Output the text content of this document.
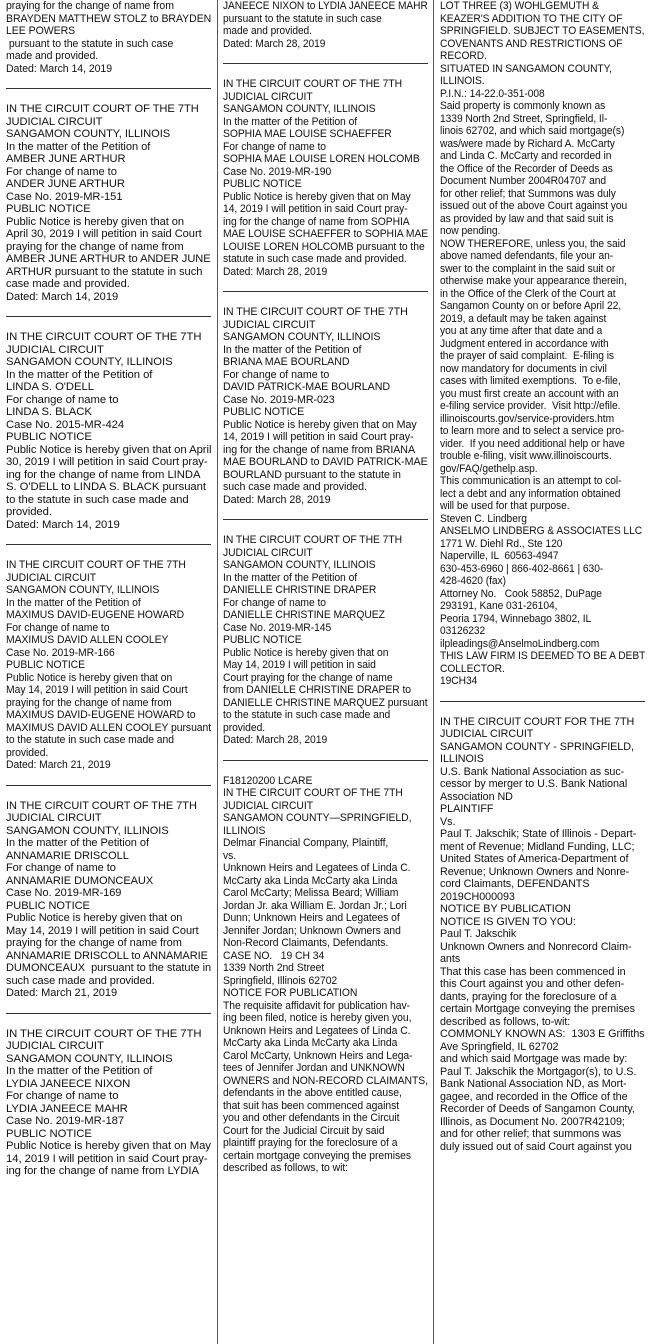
praying for the change of name from
BRAYDEN MATTHEW STOLZ to BRAYDEN
LEE POWERS
pursuant to the statute in such case
made and provided.
Dated: March 14, 2019

IN THE CIRCUIT COURT OF THE 7TH
JUDICIAL CIRCUIT
SANGAMON COUNTY, ILLINOIS
In the matter of the Petition of
AMBER JUNE ARTHUR
For change of name to
ANDER JUNE ARTHUR
Case No. 2019-MR-151
PUBLIC NOTICE
Public Notice is hereby given that on
April 30, 2019 I will petition in said Court
praying for the change of name from
AMBER JUNE ARTHUR to ANDER JUNE
ARTHUR pursuant to the statute in such
case made and provided.
Dated: March 14, 2019

IN THE CIRCUIT COURT OF THE 7TH
JUDICIAL CIRCUIT
SANGAMON COUNTY, ILLINOIS
In the matter of the Petition of
LINDA S. O'DELL
For change of name to
LINDA S. BLACK
Case No. 2015-MR-424
PUBLIC NOTICE
Public Notice is hereby given that on April
30, 2019 I will petition in said Court pray-
ing for the change of name from LINDA
S. O'DELL to LINDA S. BLACK pursuant
to the statute in such case made and
provided.
Dated: March 14, 2019

IN THE CIRCUIT COURT OF THE 7TH
JUDICIAL CIRCUIT
SANGAMON COUNTY, ILLINOIS
In the matter of the Petition of
MAXIMUS DAVID-EUGENE HOWARD
For change of name to
MAXIMUS DAVID ALLEN COOLEY
Case No. 2019-MR-166
PUBLIC NOTICE
Public Notice is hereby given that on
May 14, 2019 I will petition in said Court
praying for the change of name from
MAXIMUS DAVID-EUGENE HOWARD to
MAXIMUS DAVID ALLEN COOLEY pursuant
to the statute in such case made and
provided.
Dated: March 21, 2019

IN THE CIRCUIT COURT OF THE 7TH
JUDICIAL CIRCUIT
SANGAMON COUNTY, ILLINOIS
In the matter of the Petition of
ANNAMARIE DRISCOLL
For change of name to
ANNAMARIE DUMONCEAUX
Case No. 2019-MR-169
PUBLIC NOTICE
Public Notice is hereby given that on
May 14, 2019 I will petition in said Court
praying for the change of name from
ANNAMARIE DRISCOLL to ANNAMARIE
DUMONCEAUX  pursuant to the statute in
such case made and provided.
Dated: March 21, 2019

IN THE CIRCUIT COURT OF THE 7TH
JUDICIAL CIRCUIT
SANGAMON COUNTY, ILLINOIS
In the matter of the Petition of
LYDIA JANEECE NIXON
For change of name to
LYDIA JANEECE MAHR
Case No. 2019-MR-187
PUBLIC NOTICE
Public Notice is hereby given that on May
14, 2019 I will petition in said Court pray-
ing for the change of name from LYDIA

JANEECE NIXON to LYDIA JANEECE MAHR
pursuant to the statute in such case
made and provided.
Dated: March 28, 2019

IN THE CIRCUIT COURT OF THE 7TH
JUDICIAL CIRCUIT
SANGAMON COUNTY, ILLINOIS
In the matter of the Petition of
SOPHIA MAE LOUISE SCHAEFFER
For change of name to
SOPHIA MAE LOUISE LOREN HOLCOMB
Case No. 2019-MR-190
PUBLIC NOTICE
Public Notice is hereby given that on May
14, 2019 I will petition in said Court pray-
ing for the change of name from SOPHIA
MAE LOUISE SCHAEFFER to SOPHIA MAE
LOUISE LOREN HOLCOMB pursuant to the
statute in such case made and provided.
Dated: March 28, 2019

IN THE CIRCUIT COURT OF THE 7TH
JUDICIAL CIRCUIT
SANGAMON COUNTY, ILLINOIS
In the matter of the Petition of
BRIANA MAE BOURLAND
For change of name to
DAVID PATRICK-MAE BOURLAND
Case No. 2019-MR-023
PUBLIC NOTICE
Public Notice is hereby given that on May
14, 2019 I will petition in said Court pray-
ing for the change of name from BRIANA
MAE BOURLAND to DAVID PATRICK-MAE
BOURLAND pursuant to the statute in
such case made and provided.
Dated: March 28, 2019

IN THE CIRCUIT COURT OF THE 7TH
JUDICIAL CIRCUIT
SANGAMON COUNTY, ILLINOIS
In the matter of the Petition of
DANIELLE CHRISTINE DRAPER
For change of name to
DANIELLE CHRISTINE MARQUEZ
Case No. 2019-MR-145
PUBLIC NOTICE
Public Notice is hereby given that on
May 14, 2019 I will petition in said
Court praying for the change of name
from DANIELLE CHRISTINE DRAPER to
DANIELLE CHRISTINE MARQUEZ pursuant
to the statute in such case made and
provided.
Dated: March 28, 2019

F18120200 LCARE
IN THE CIRCUIT COURT OF THE 7TH
JUDICIAL CIRCUIT
SANGAMON COUNTY—SPRINGFIELD,
ILLINOIS
Delmar Financial Company, Plaintiff,
vs.
Unknown Heirs and Legatees of Linda C.
McCarty aka Linda McCarty aka Linda
Carol McCarty; Melissa Beard; William
Jordan Jr. aka William E. Jordan Jr.; Lori
Dunn; Unknown Heirs and Legatees of
Jennifer Jordan; Unknown Owners and
Non-Record Claimants, Defendants.
CASE NO.   19 CH 34
1339 North 2nd Street
Springfield, Illinois 62702
NOTICE FOR PUBLICATION
The requisite affidavit for publication hav-
ing been filed, notice is hereby given you,
Unknown Heirs and Legatees of Linda C.
McCarty aka Linda McCarty aka Linda
Carol McCarty, Unknown Heirs and Lega-
tees of Jennifer Jordan and UNKNOWN
OWNERS and NON-RECORD CLAIMANTS,
defendants in the above entitled cause,
that suit has been commenced against
you and other defendants in the Circuit
Court for the Judicial Circuit by said
plaintiff praying for the foreclosure of a
certain mortgage conveying the premises
described as follows, to wit:

LOT THREE (3) WOHLGEMUTH &
KEAZER'S ADDITION TO THE CITY OF
SPRINGFIELD. SUBJECT TO EASEMENTS,
COVENANTS AND RESTRICTIONS OF
RECORD.
SITUATED IN SANGAMON COUNTY,
ILLINOIS.
P.I.N.: 14-22.0-351-008
Said property is commonly known as
1339 North 2nd Street, Springfield, Il-
linois 62702, and which said mortgage(s)
was/were made by Richard A. McCarty
and Linda C. McCarty and recorded in
the Office of the Recorder of Deeds as
Document Number 2004R04707 and
for other relief; that Summons was duly
issued out of the above Court against you
as provided by law and that said suit is
now pending.
NOW THEREFORE, unless you, the said
above named defendants, file your an-
swer to the complaint in the said suit or
otherwise make your appearance therein,
in the Office of the Clerk of the Court at
Sangamon County on or before April 22,
2019, a default may be taken against
you at any time after that date and a
Judgment entered in accordance with
the prayer of said complaint.  E-filing is
now mandatory for documents in civil
cases with limited exemptions.  To e-file,
you must first create an account with an
e-filing service provider.  Visit http://efile.
illinoiscourts.gov/service-providers.htm
to learn more and to select a service pro-
vider.  If you need additional help or have
trouble e-filing, visit www.illinoiscourts.
gov/FAQ/gethelp.asp.
This communication is an attempt to col-
lect a debt and any information obtained
will be used for that purpose.
Steven C. Lindberg
ANSELMO LINDBERG & ASSOCIATES LLC
1771 W. Diehl Rd., Ste 120
Naperville, IL  60563-4947
630-453-6960 | 866-402-8661 | 630-
428-4620 (fax)
Attorney No.   Cook 58852, DuPage
293191, Kane 031-26104,
Peoria 1794, Winnebago 3802, IL
03126232
ilpleadings@AnselmoLindberg.com
THIS LAW FIRM IS DEEMED TO BE A DEBT
COLLECTOR.
19CH34

IN THE CIRCUIT COURT FOR THE 7TH
JUDICIAL CIRCUIT
SANGAMON COUNTY - SPRINGFIELD,
ILLINOIS
U.S. Bank National Association as suc-
cessor by merger to U.S. Bank National
Association ND
PLAINTIFF
Vs.
Paul T. Jakschik; State of Illinois - Depart-
ment of Revenue; Midland Funding, LLC;
United States of America-Department of
Revenue; Unknown Owners and Nonre-
cord Claimants, DEFENDANTS
2019CH000093
NOTICE BY PUBLICATION
NOTICE IS GIVEN TO YOU:
Paul T. Jakschik
Unknown Owners and Nonrecord Claim-
ants
That this case has been commenced in
this Court against you and other defen-
dants, praying for the foreclosure of a
certain Mortgage conveying the premises
described as follows, to-wit:
COMMONLY KNOWN AS:  1303 E Griffiths
Ave Springfield, IL 62702
and which said Mortgage was made by:
Paul T. Jakschik the Mortgagor(s), to U.S.
Bank National Association ND, as Mort-
gagee, and recorded in the Office of the
Recorder of Deeds of Sangamon County,
Illinois, as Document No. 2007R42109;
and for other relief; that summons was
duly issued out of said Court against you
